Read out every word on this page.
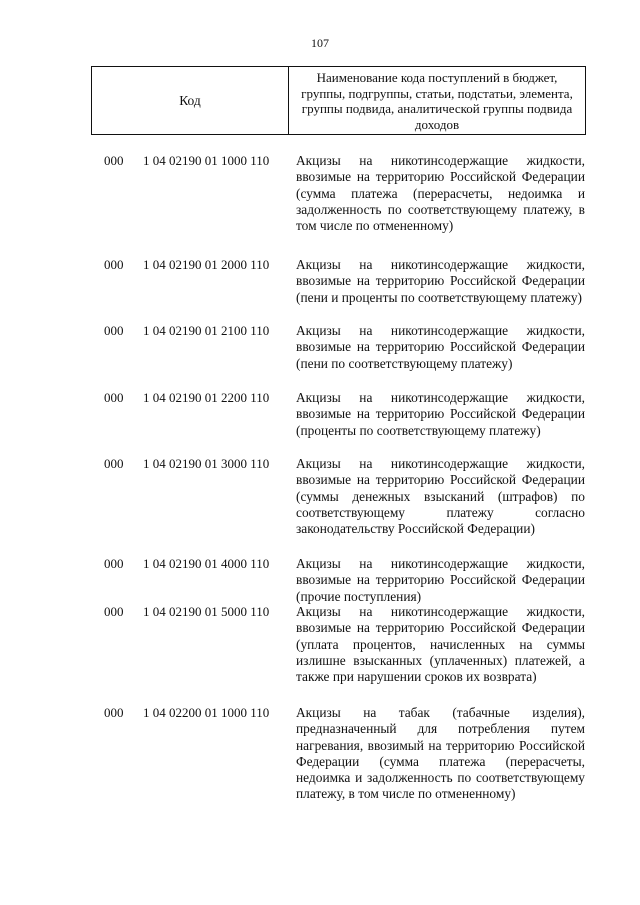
107
Код	Наименование кода поступлений в бюджет, группы, подгруппы, статьи, подстатьи, элемента, группы подвида, аналитической группы подвида доходов
000 1 04 02190 01 1000 110 Акцизы на никотинсодержащие жидкости, ввозимые на территорию Российской Федерации (сумма платежа (перерасчеты, недоимка и задолженность по соответствующему платежу, в том числе по отмененному)
000 1 04 02190 01 2000 110 Акцизы на никотинсодержащие жидкости, ввозимые на территорию Российской Федерации (пени и проценты по соответствующему платежу)
000 1 04 02190 01 2100 110 Акцизы на никотинсодержащие жидкости, ввозимые на территорию Российской Федерации (пени по соответствующему платежу)
000 1 04 02190 01 2200 110 Акцизы на никотинсодержащие жидкости, ввозимые на территорию Российской Федерации (проценты по соответствующему платежу)
000 1 04 02190 01 3000 110 Акцизы на никотинсодержащие жидкости, ввозимые на территорию Российской Федерации (суммы денежных взысканий (штрафов) по соответствующему платежу согласно законодательству Российской Федерации)
000 1 04 02190 01 4000 110 Акцизы на никотинсодержащие жидкости, ввозимые на территорию Российской Федерации (прочие поступления)
000 1 04 02190 01 5000 110 Акцизы на никотинсодержащие жидкости, ввозимые на территорию Российской Федерации (уплата процентов, начисленных на суммы излишне взысканных (уплаченных) платежей, а также при нарушении сроков их возврата)
000 1 04 02200 01 1000 110 Акцизы на табак (табачные изделия), предназначенный для потребления путем нагревания, ввозимый на территорию Российской Федерации (сумма платежа (перерасчеты, недоимка и задолженность по соответствующему платежу, в том числе по отмененному)
